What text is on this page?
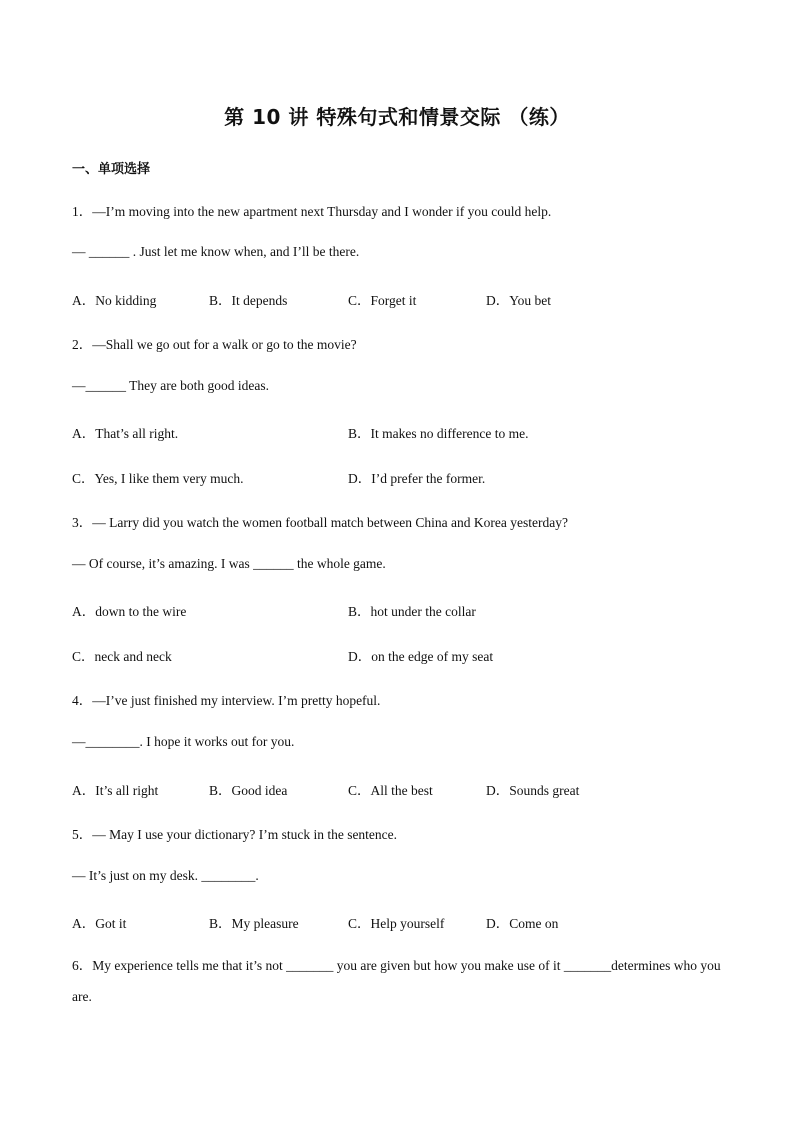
第 10 讲 特殊句式和情景交际 （练）
一、单项选择
1．—I’m moving into the new apartment next Thursday and I wonder if you could help.
— ______ . Just let me know when, and I’ll be there.
A．No kidding	B．It depends	C．Forget it	D．You bet
2．—Shall we go out for a walk or go to the movie?
—______ They are both good ideas.
A．That’s all right.	B．It makes no difference to me.
C．Yes, I like them very much.	D．I’d prefer the former.
3．— Larry did you watch the women football match between China and Korea yesterday?
— Of course, it’s amazing. I was ______ the whole game.
A．down to the wire	B．hot under the collar
C．neck and neck	D．on the edge of my seat
4．—I’ve just finished my interview. I’m pretty hopeful.
—________. I hope it works out for you.
A．It’s all right	B．Good idea	C．All the best	D．Sounds great
5．— May I use your dictionary? I’m stuck in the sentence.
— It’s just on my desk. ________.
A．Got it	B．My pleasure	C．Help yourself	D．Come on
6．My experience tells me that it’s not _______ you are given but how you make use of it _______determines who you are.
